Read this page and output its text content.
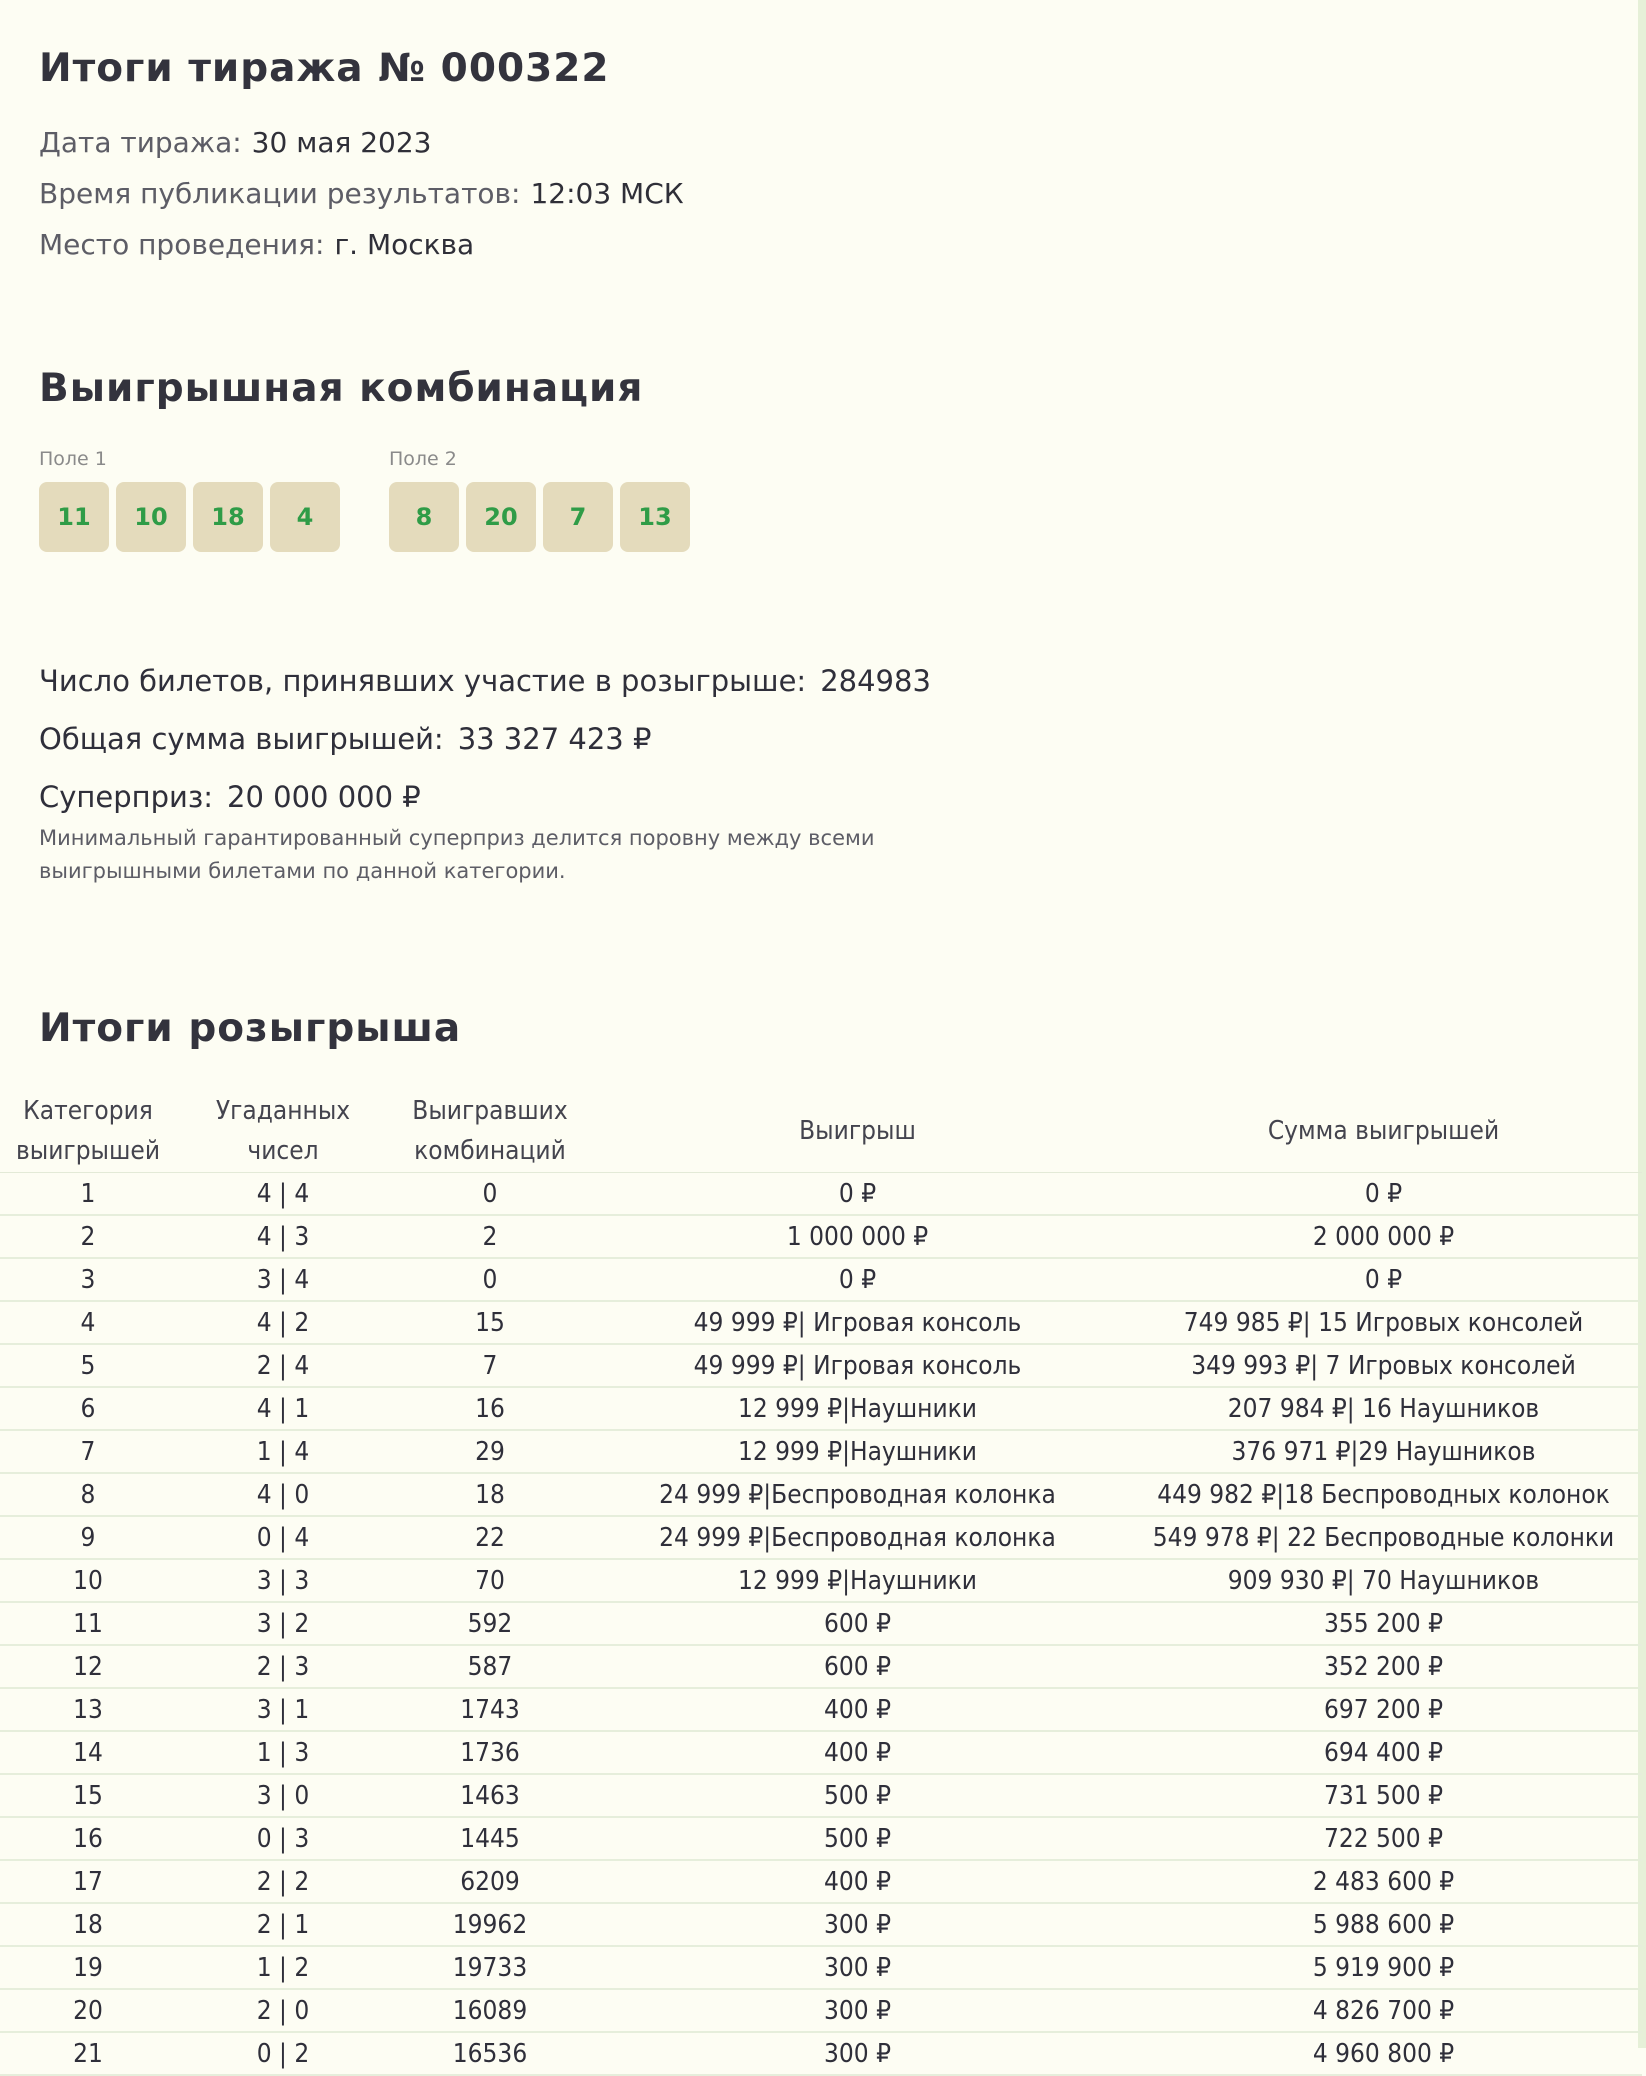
Итоги тиража № 000322

Дата тиража: 30 мая 2023

Время публикации результатов: 12:03 МСК

Место проведения: г. Москва

Выигрышная комбинация
Поле 1
11	10	18	4
Поле 2
8	20	7	13

Число билетов, принявших участие в розыгрыше: 284983

Общая сумма выигрышей: 33 327 423 ₽

Суперприз: 20 000 000 ₽

Минимальный гарантированный суперприз делится поровну между всеми выигрышными билетами по данной категории.

Итоги розыгрыша
Категория выигрышей	Угаданных чисел	Выигравших комбинаций	Выигрыш	Сумма выигрышей
1	4 | 4	0	0 ₽	0 ₽
2	4 | 3	2	1 000 000 ₽	2 000 000 ₽
3	3 | 4	0	0 ₽	0 ₽
4	4 | 2	15	49 999 ₽| Игровая консоль	749 985 ₽| 15 Игровых консолей
5	2 | 4	7	49 999 ₽| Игровая консоль	349 993 ₽| 7 Игровых консолей
6	4 | 1	16	12 999 ₽|Наушники	207 984 ₽| 16 Наушников
7	1 | 4	29	12 999 ₽|Наушники	376 971 ₽|29 Наушников
8	4 | 0	18	24 999 ₽|Беспроводная колонка	449 982 ₽|18 Беспроводных колонок
9	0 | 4	22	24 999 ₽|Беспроводная колонка	549 978 ₽| 22 Беспроводные колонки
10	3 | 3	70	12 999 ₽|Наушники	909 930 ₽| 70 Наушников
11	3 | 2	592	600 ₽	355 200 ₽
12	2 | 3	587	600 ₽	352 200 ₽
13	3 | 1	1743	400 ₽	697 200 ₽
14	1 | 3	1736	400 ₽	694 400 ₽
15	3 | 0	1463	500 ₽	731 500 ₽
16	0 | 3	1445	500 ₽	722 500 ₽
17	2 | 2	6209	400 ₽	2 483 600 ₽
18	2 | 1	19962	300 ₽	5 988 600 ₽
19	1 | 2	19733	300 ₽	5 919 900 ₽
20	2 | 0	16089	300 ₽	4 826 700 ₽
21	0 | 2	16536	300 ₽	4 960 800 ₽
